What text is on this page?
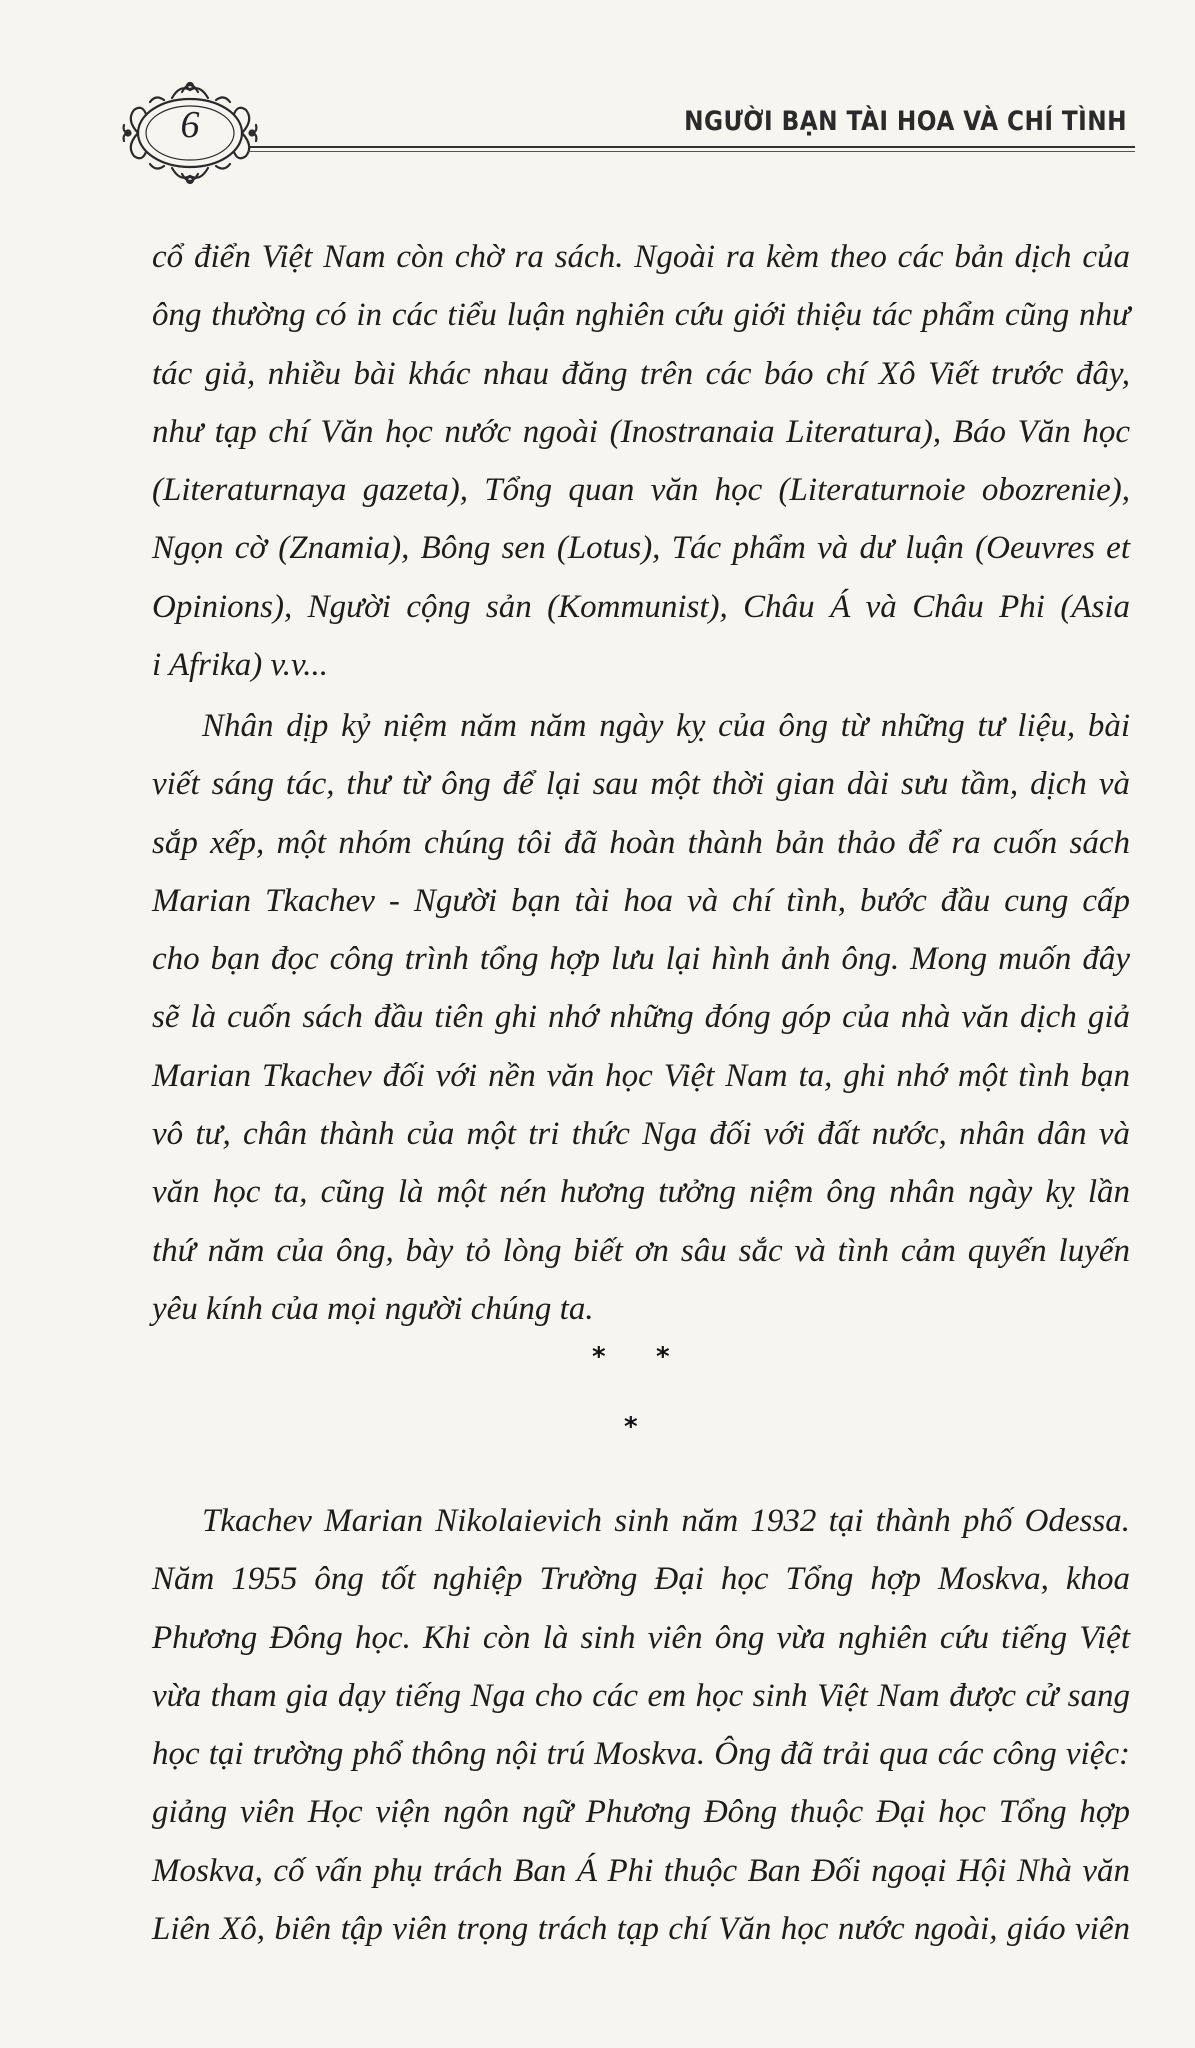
6	NGƯỜI BẠN TÀI HOA VÀ CHÍ TÌNH
cổ điển Việt Nam còn chờ ra sách. Ngoài ra kèm theo các bản dịch của
ông thường có in các tiểu luận nghiên cứu giới thiệu tác phẩm cũng như
tác giả, nhiều bài khác nhau đăng trên các báo chí Xô Viết trước đây,
như tạp chí Văn học nước ngoài (Inostranaia Literatura), Báo Văn học
(Literaturnaya gazeta), Tổng quan văn học (Literaturnoie obozrenie),
Ngọn cờ (Znamia), Bông sen (Lotus), Tác phẩm và dư luận (Oeuvres et
Opinions), Người cộng sản (Kommunist), Châu Á và Châu Phi (Asia
i Afrika) v.v...
Nhân dịp kỷ niệm năm năm ngày kỵ của ông từ những tư liệu, bài
viết sáng tác, thư từ ông để lại sau một thời gian dài sưu tầm, dịch và
sắp xếp, một nhóm chúng tôi đã hoàn thành bản thảo để ra cuốn sách
Marian Tkachev - Người bạn tài hoa và chí tình, bước đầu cung cấp
cho bạn đọc công trình tổng hợp lưu lại hình ảnh ông. Mong muốn đây
sẽ là cuốn sách đầu tiên ghi nhớ những đóng góp của nhà văn dịch giả
Marian Tkachev đối với nền văn học Việt Nam ta, ghi nhớ một tình bạn
vô tư, chân thành của một tri thức Nga đối với đất nước, nhân dân và
văn học ta, cũng là một nén hương tưởng niệm ông nhân ngày kỵ lần
thứ năm của ông, bày tỏ lòng biết ơn sâu sắc và tình cảm quyến luyến
yêu kính của mọi người chúng ta.
* *
*
Tkachev Marian Nikolaievich sinh năm 1932 tại thành phố Odessa.
Năm 1955 ông tốt nghiệp Trường Đại học Tổng hợp Moskva, khoa
Phương Đông học. Khi còn là sinh viên ông vừa nghiên cứu tiếng Việt
vừa tham gia dạy tiếng Nga cho các em học sinh Việt Nam được cử sang
học tại trường phổ thông nội trú Moskva. Ông đã trải qua các công việc:
giảng viên Học viện ngôn ngữ Phương Đông thuộc Đại học Tổng hợp
Moskva, cố vấn phụ trách Ban Á Phi thuộc Ban Đối ngoại Hội Nhà văn
Liên Xô, biên tập viên trọng trách tạp chí Văn học nước ngoài, giáo viên
